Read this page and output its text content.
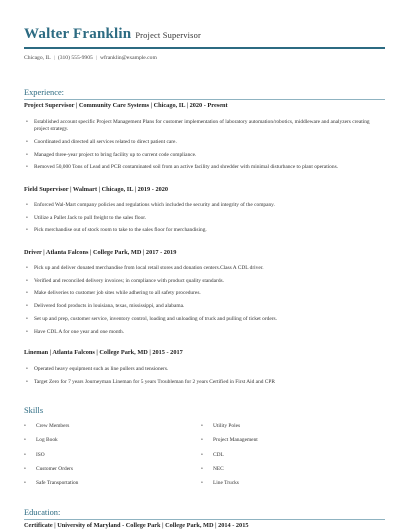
Walter Franklin Project Supervisor
Chicago, IL | (310) 555-9905 | wfranklin@example.com
Experience:
Project Supervisor | Community Care Systems | Chicago, IL | 2020 - Present
• Established account specific Project Management Plans for customer implementation of laboratory automation/robotics, middleware and analyzers creating project strategy.
• Coordinated and directed all services related to direct patient care.
• Managed three-year project to bring facility up to current code compliance.
• Removed 50,000 Tons of Lead and PCB contaminated soil from an active facility and shredder with minimal disturbance to plant operations.
Field Supervisor | Walmart | Chicago, IL | 2019 - 2020
• Enforced Wal-Mart company policies and regulations which included the security and integrity of the company.
• Utilize a Pallet Jack to pull freight to the sales floor.
• Pick merchandise out of stock room to take to the sales floor for merchandising.
Driver | Atlanta Falcons | College Park, MD | 2017 - 2019
• Pick up and deliver donated merchandise from local retail stores and donation centers.Class A CDL driver.
• Verified and reconciled delivery invoices; in compliance with product quality standards.
• Make deliveries to customer job sites while adhering to all safety procedures.
• Delivered food products in louisiana, texas, mississippi, and alabama.
• Set up and prep, customer service, inventory control, loading and unloading of truck and pulling of ticket orders.
• Have CDL A for one year and one month.
Lineman | Atlanta Falcons | College Park, MD | 2015 - 2017
• Operated heavy equipment such as line pullers and tensioners.
• Target Zero for 7 years Journeyman Lineman for 5 years Troubleman for 2 years Certified in First Aid and CPR
Skills
• Crew Members
• Log Book
• ISO
• Customer Orders
• Safe Transportation
• Utility Poles
• Project Management
• CDL
• NEC
• Line Trucks
Education:
Certificate | University of Maryland - College Park | College Park, MD | 2014 - 2015
